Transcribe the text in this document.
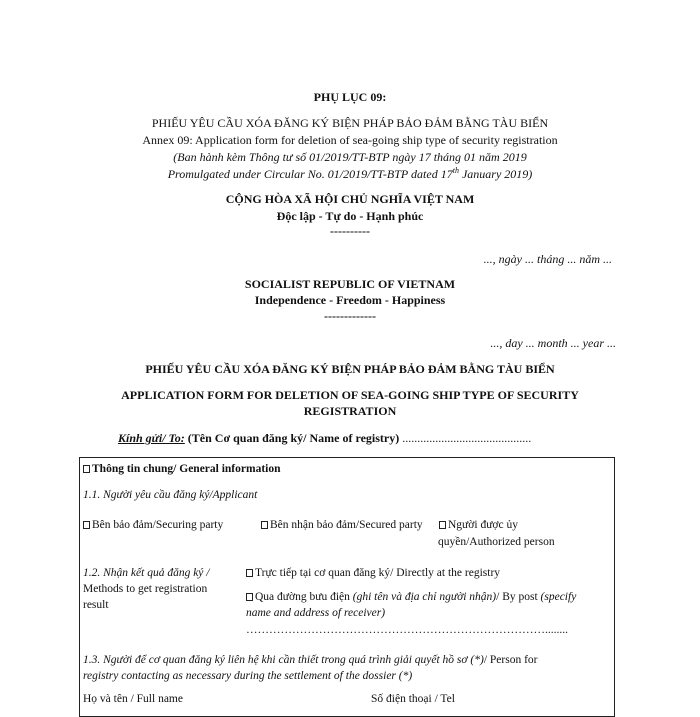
PHỤ LỤC 09:
PHIẾU YÊU CẦU XÓA ĐĂNG KÝ BIỆN PHÁP BẢO ĐẢM BẰNG TÀU BIỂN
Annex 09: Application form for deletion of sea-going ship type of security registration
(Ban hành kèm Thông tư số 01/2019/TT-BTP ngày 17 tháng 01 năm 2019
Promulgated under Circular No. 01/2019/TT-BTP dated 17th January 2019)
CỘNG HÒA XÃ HỘI CHỦ NGHĨA VIỆT NAM
Độc lập - Tự do - Hạnh phúc
----------
..., ngày ... tháng ... năm ...
SOCIALIST REPUBLIC OF VIETNAM
Independence - Freedom - Happiness
-------------
..., day ... month ... year ...
PHIẾU YÊU CẦU XÓA ĐĂNG KÝ BIỆN PHÁP BẢO ĐẢM BẰNG TÀU BIỂN
APPLICATION FORM FOR DELETION OF SEA-GOING SHIP TYPE OF SECURITY
REGISTRATION
Kính gửi/ To: (Tên Cơ quan đăng ký/ Name of registry) ...........................................
Thông tin chung/ General information
1.1. Người yêu cầu đăng ký/Applicant
Bên bảo đảm/Securing party	Bên nhận bảo đảm/Secured party	Người được ủy
quyền/Authorized person
1.2. Nhận kết quả đăng ký /
Methods to get registration
result
Trực tiếp tại cơ quan đăng ký/ Directly at the registry
Qua đường bưu điện (ghi tên và địa chỉ người nhận)/ By post (specify
name and address of receiver)
……………………………………………………………………........
1.3. Người để cơ quan đăng ký liên hệ khi cần thiết trong quá trình giải quyết hồ sơ (*)/ Person for
registry contacting as necessary during the settlement of the dossier (*)
Họ và tên / Full name	Số điện thoại / Tel
